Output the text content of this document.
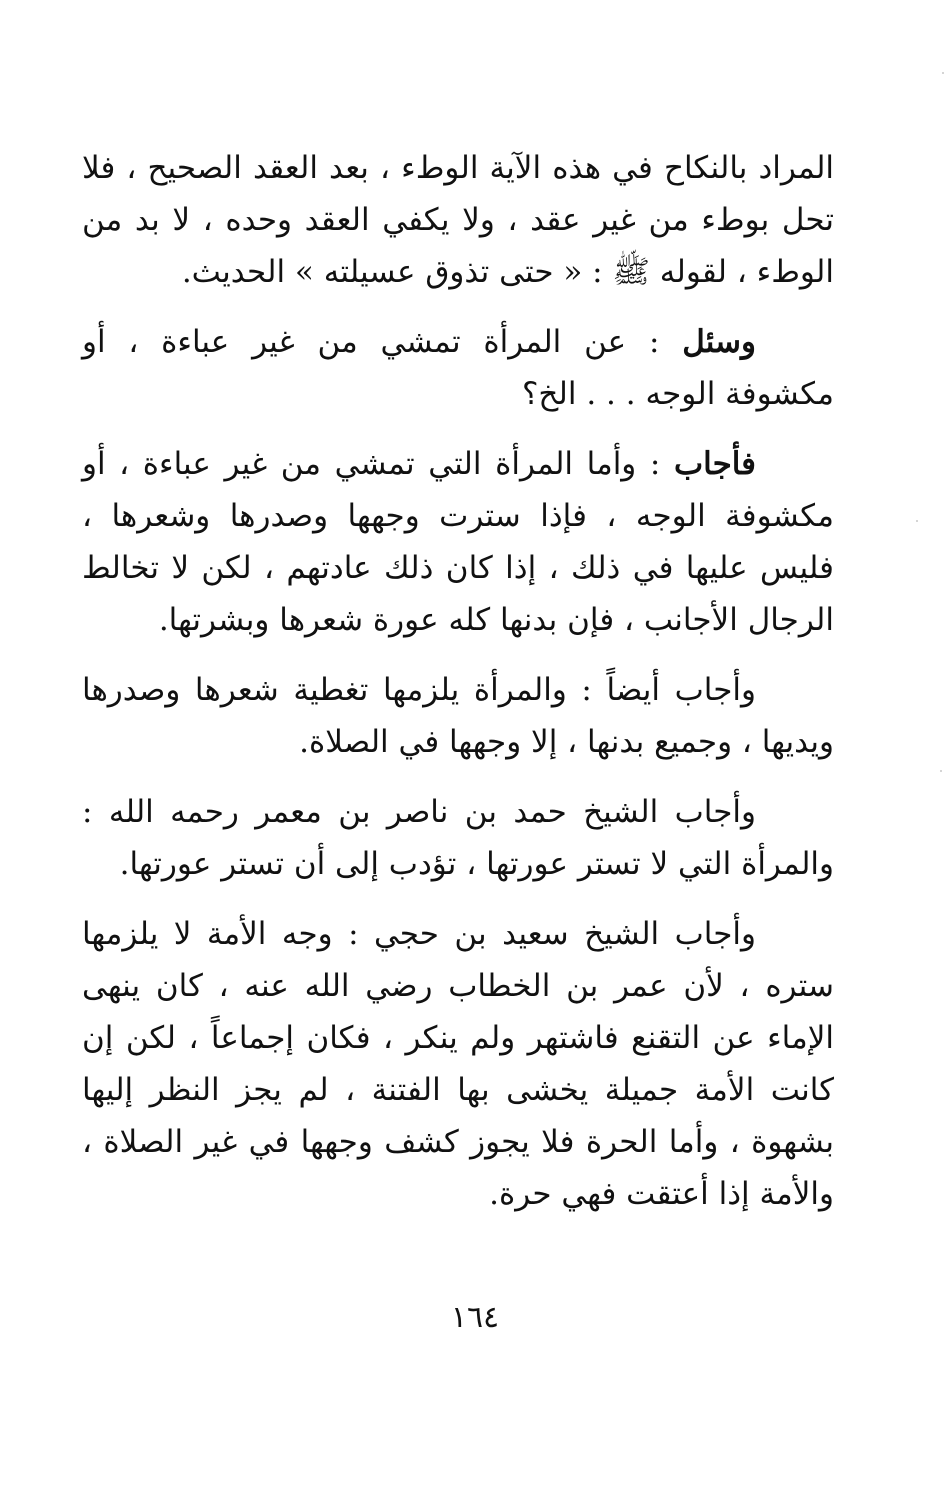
المراد بالنكاح في هذه الآية الوطء ، بعد العقد الصحيح ، فلا تحل بوطء من غير عقد ، ولا يكفي العقد وحده ، لا بد من الوطء ، لقوله ﷺ : « حتى تذوق عسيلته » الحديث.

وسئل : عن المرأة تمشي من غير عباءة ، أو مكشوفة الوجه . . . الخ؟

فأجاب : وأما المرأة التي تمشي من غير عباءة ، أو مكشوفة الوجه ، فإذا سترت وجهها وصدرها وشعرها ، فليس عليها في ذلك ، إذا كان ذلك عادتهم ، لكن لا تخالط الرجال الأجانب ، فإن بدنها كله عورة شعرها وبشرتها.

وأجاب أيضاً : والمرأة يلزمها تغطية شعرها وصدرها ويديها ، وجميع بدنها ، إلا وجهها في الصلاة.

وأجاب الشيخ حمد بن ناصر بن معمر رحمه الله : والمرأة التي لا تستر عورتها ، تؤدب إلى أن تستر عورتها.

وأجاب الشيخ سعيد بن حجي : وجه الأمة لا يلزمها ستره ، لأن عمر بن الخطاب رضي الله عنه ، كان ينهى الإماء عن التقنع فاشتهر ولم ينكر ، فكان إجماعاً ، لكن إن كانت الأمة جميلة يخشى بها الفتنة ، لم يجز النظر إليها بشهوة ، وأما الحرة فلا يجوز كشف وجهها في غير الصلاة ، والأمة إذا أعتقت فهي حرة.

١٦٤
